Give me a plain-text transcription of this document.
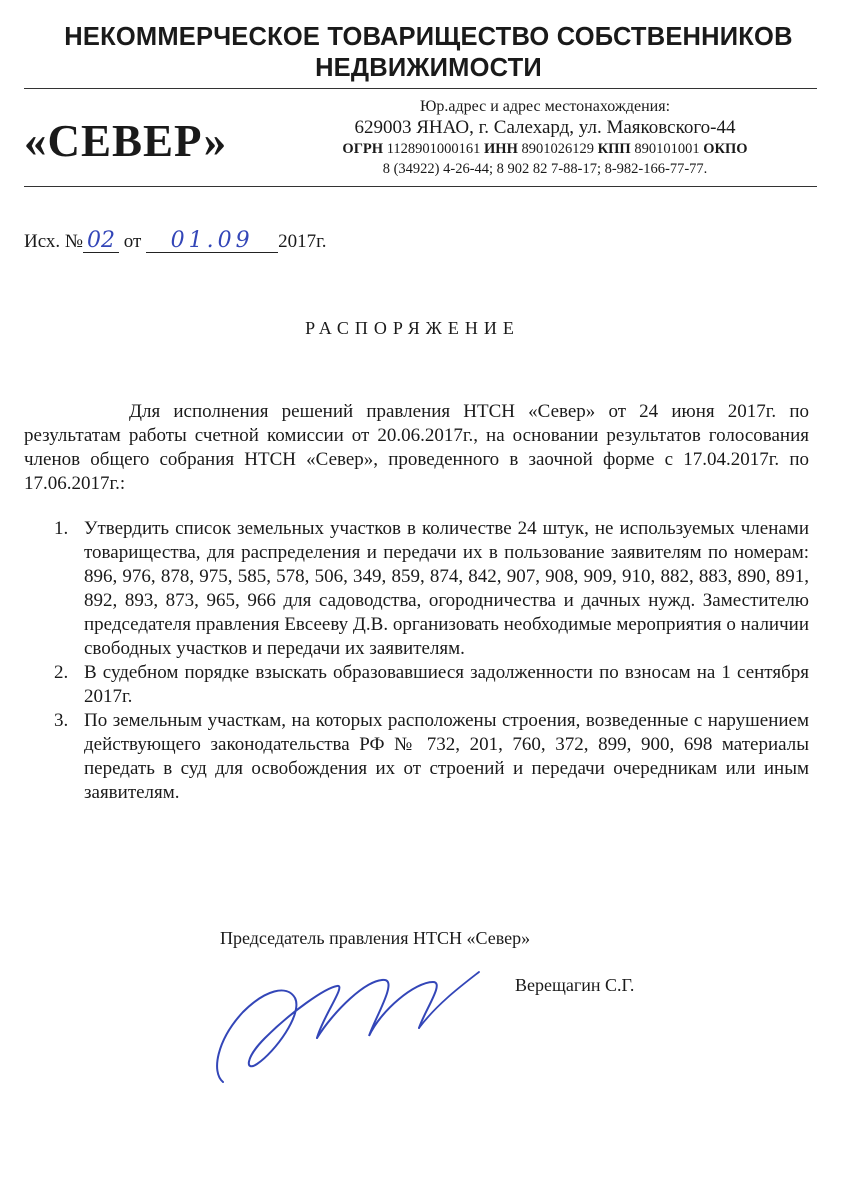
НЕКОММЕРЧЕСКОЕ ТОВАРИЩЕСТВО СОБСТВЕННИКОВ
НЕДВИЖИМОСТИ
«СЕВЕР»
Юр.адрес и адрес местонахождения:
629003 ЯНАО, г. Салехард, ул. Маяковского-44
ОГРН 1128901000161 ИНН 8901026129 КПП 890101001 ОКПО
8 (34922) 4-26-44; 8 902 82 7-88-17; 8-982-166-77-77.
Исх. № 02 от 01.09 2017г.
РАСПОРЯЖЕНИЕ

Для исполнения решений правления НТСН «Север» от 24 июня 2017г. по результатам работы счетной комиссии от 20.06.2017г., на основании результатов голосования членов общего собрания НТСН «Север», проведенного в заочной форме с 17.04.2017г. по 17.06.2017г.:

1. Утвердить список земельных участков в количестве 24 штук, не используемых членами товарищества, для распределения и передачи их в пользование заявителям по номерам: 896, 976, 878, 975, 585, 578, 506, 349, 859, 874, 842, 907, 908, 909, 910, 882, 883, 890, 891, 892, 893, 873, 965, 966 для садоводства, огородничества и дачных нужд. Заместителю председателя правления Евсееву Д.В. организовать необходимые мероприятия о наличии свободных участков и передачи их заявителям.
2. В судебном порядке взыскать образовавшиеся задолженности по взносам на 1 сентября 2017г.
3. По земельным участкам, на которых расположены строения, возведенные с нарушением действующего законодательства РФ № 732, 201, 760, 372, 899, 900, 698 материалы передать в суд для освобождения их от строений и передачи очередникам или иным заявителям.
Председатель правления НТСН «Север»
Верещагин С.Г.
